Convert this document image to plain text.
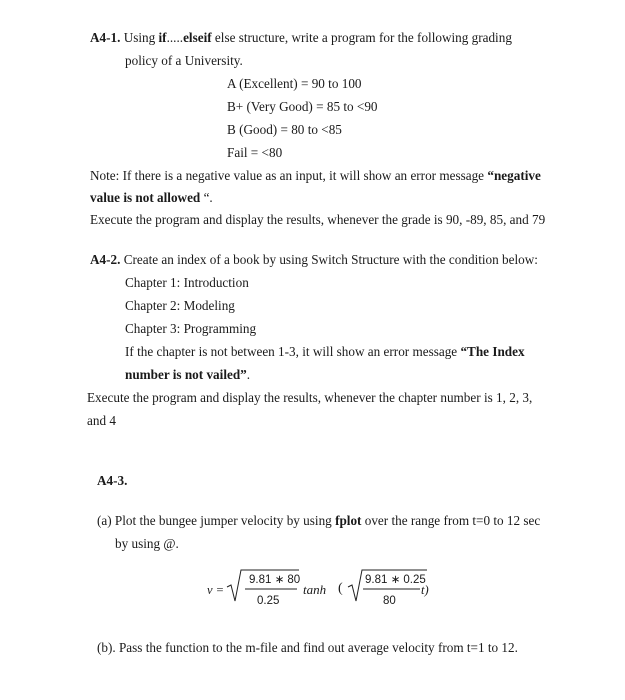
A4-1. Using if.....elseif else structure, write a program for the following grading
policy of a University.
A (Excellent) = 90 to 100
B+ (Very Good) = 85 to <90
B (Good) = 80 to <85
Fail = <80
Note: If there is a negative value as an input, it will show an error message “negative
value is not allowed “.
Execute the program and display the results, whenever the grade is 90, -89, 85, and 79
A4-2. Create an index of a book by using Switch Structure with the condition below:
Chapter 1: Introduction
Chapter 2: Modeling
Chapter 3: Programming
If the chapter is not between 1-3, it will show an error message “The Index
number is not vailed”.
Execute the program and display the results, whenever the chapter number is 1, 2, 3,
and 4
A4-3.
(a) Plot the bungee jumper velocity by using fplot over the range from t=0 to 12 sec
by using @.
v =
9.81 ∗ 80
0.25
tanh (
9.81 ∗ 0.25
80
t)
(b). Pass the function to the m-file and find out average velocity from t=1 to 12.
